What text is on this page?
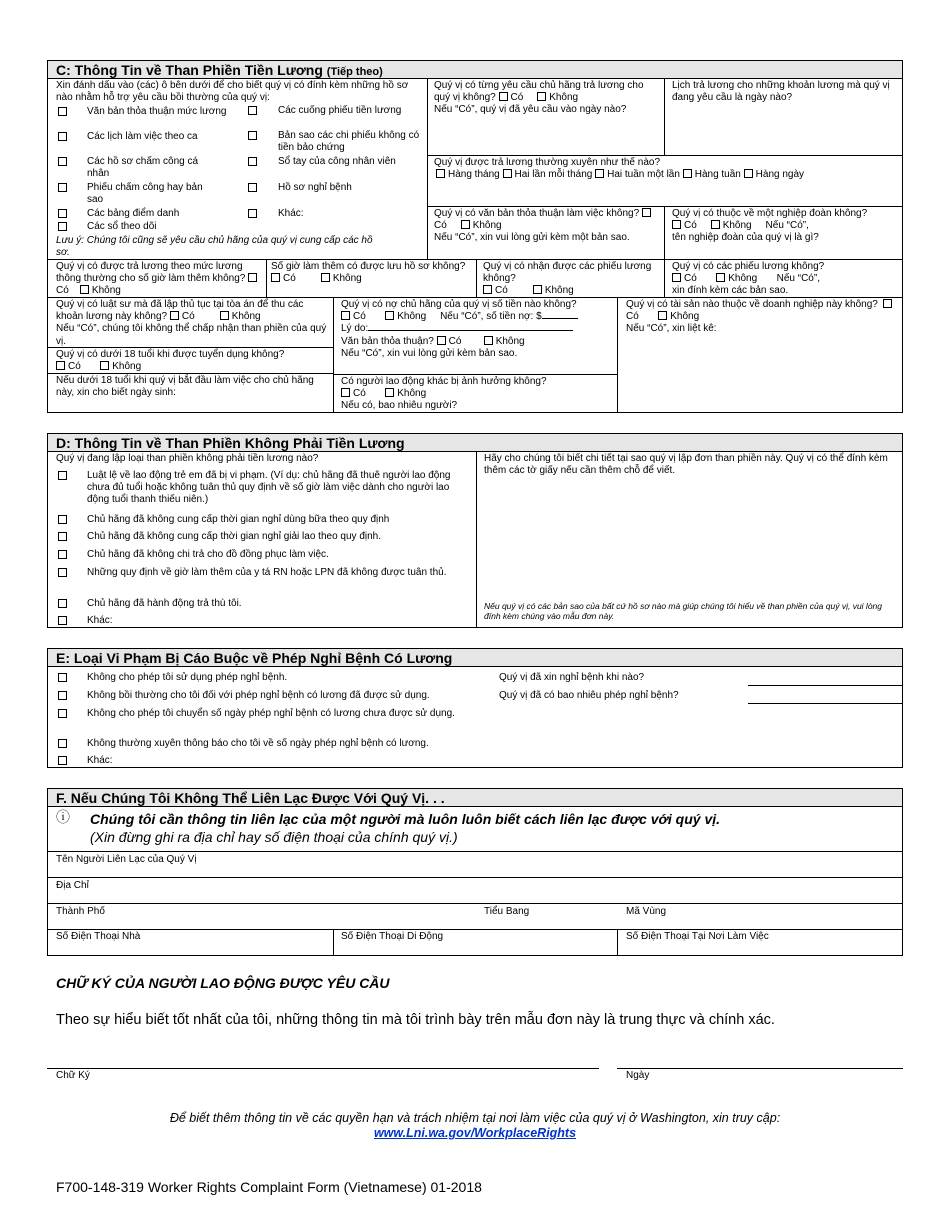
C: Thông Tin về Than Phiền Tiền Lương (Tiếp theo)
Xin đánh dấu vào (các) ô bên dưới để cho biết quý vị có đính kèm những hồ sơ nào nhằm hỗ trợ yêu cầu bồi thường của quý vị:
Văn bản thỏa thuận mức lương
Các lịch làm việc theo ca
Các hồ sơ chấm công cá nhân
Phiếu chấm công hay bản sao
Các bảng điểm danh
Các sổ theo dõi
Các cuống phiếu tiền lương
Bản sao các chi phiếu không có tiền bảo chứng
Sổ tay của công nhân viên
Hồ sơ nghỉ bệnh
Khác:
Lưu ý: Chúng tôi cũng sẽ yêu cầu chủ hãng của quý vị cung cấp các hồ sơ.
Quý vị có từng yêu cầu chủ hãng trả lương cho quý vị không? Có	Không
Nếu “Có”, quý vị đã yêu cầu vào ngày nào?
Lịch trả lương cho những khoản lương mà quý vị đang yêu cầu là ngày nào?
Quý vị được trả lương thường xuyên như thế nào?
Hàng tháng Hai lần mỗi tháng Hai tuần một lần Hàng tuần Hàng ngày
Quý vị có văn bản thỏa thuận làm việc không? Có	Không
Nếu “Có”, xin vui lòng gửi kèm một bản sao.
Quý vị có thuộc về một nghiệp đoàn không?
Có	Không Nếu “Có”,
tên nghiệp đoàn của quý vị là gì?
Quý vị có được trả lương theo mức lương thông thường cho số giờ làm thêm không? Có Không
Số giờ làm thêm có được lưu hồ sơ không?
Có	Không
Quý vị có nhận được các phiếu lương không?
Có	Không
Quý vị có các phiếu lương không?
Có	Không Nếu “Có”,
xin đính kèm các bản sao.
Quý vị có luật sư mà đã lập thủ tục tại tòa án để thu các khoản lương này không? Có	Không
Nếu “Có”, chúng tôi không thể chấp nhận than phiền của quý vị.
Quý vị có dưới 18 tuổi khi được tuyển dụng không?
Có	Không
Nếu dưới 18 tuổi khi quý vị bắt đầu làm việc cho chủ hãng này, xin cho biết ngày sinh:
Quý vị có nợ chủ hãng của quý vị số tiền nào không?
Có	Không Nếu “Có”, số tiền nợ: $
Lý do:
Văn bản thỏa thuận? Có	Không
Nếu “Có”, xin vui lòng gửi kèm bản sao.
Có người lao động khác bị ảnh hưởng không?
Có	Không
Nếu có, bao nhiêu người?
Quý vị có tài sản nào thuộc về doanh nghiệp này không?  Có	Không
Nếu “Có”, xin liệt kê:
D: Thông Tin về Than Phiền Không Phải Tiền Lương
Quý vị đang lập loại than phiền không phải tiền lương nào?
Luật lệ về lao động trẻ em đã bị vi phạm. (Ví dụ: chủ hãng đã thuê người lao động chưa đủ tuổi hoặc không tuân thủ quy định về số giờ làm việc dành cho người lao động tuổi thanh thiếu niên.)
Chủ hãng đã không cung cấp thời gian nghỉ dùng bữa theo quy định
Chủ hãng đã không cung cấp thời gian nghỉ giải lao theo quy định.
Chủ hãng đã không chi trả cho đồ đồng phục làm việc.
Những quy định về giờ làm thêm của y tá RN hoặc LPN đã không được tuân thủ.
Chủ hãng đã hành động trả thù tôi.
Khác:
Hãy cho chúng tôi biết chi tiết tại sao quý vị lập đơn than phiền này. Quý vị có thể đính kèm thêm các tờ giấy nếu cần thêm chỗ để viết.
Nếu quý vị có các bản sao của bất cứ hồ sơ nào mà giúp chúng tôi hiểu về than phiền của quý vị, vui lòng đính kèm chúng vào mẫu đơn này.
E: Loại Vi Phạm Bị Cáo Buộc về Phép Nghỉ Bệnh Có Lương
Không cho phép tôi sử dụng phép nghỉ bệnh.
Không bồi thường cho tôi đối với phép nghỉ bệnh có lương đã được sử dụng.
Không cho phép tôi chuyển số ngày phép nghỉ bệnh có lương chưa được sử dụng.
Không thường xuyên thông báo cho tôi về số ngày phép nghỉ bệnh có lương.
Khác:
Quý vị đã xin nghỉ bệnh khi nào?
Quý vị đã có bao nhiêu phép nghỉ bệnh?
F. Nếu Chúng Tôi Không Thể Liên Lạc Được Với Quý Vị. . .
ⓘ Chúng tôi cần thông tin liên lạc của một người mà luôn luôn biết cách liên lạc được với quý vị.
(Xin đừng ghi ra địa chỉ hay số điện thoại của chính quý vị.)
Tên Người Liên Lạc của Quý Vị
Địa Chỉ
Thành Phố	Tiểu Bang	Mã Vùng
Số Điện Thoại Nhà	Số Điện Thoại Di Động	Số Điện Thoại Tại Nơi Làm Việc
CHỮ KÝ CỦA NGƯỜI LAO ĐỘNG ĐƯỢC YÊU CẦU
Theo sự hiểu biết tốt nhất của tôi, những thông tin mà tôi trình bày trên mẫu đơn này là trung thực và chính xác.
Chữ Ký	Ngày
Để biết thêm thông tin về các quyền hạn và trách nhiệm tại nơi làm việc của quý vị ở Washington, xin truy cập:
www.Lni.wa.gov/WorkplaceRights
F700-148-319 Worker Rights Complaint Form (Vietnamese) 01-2018
